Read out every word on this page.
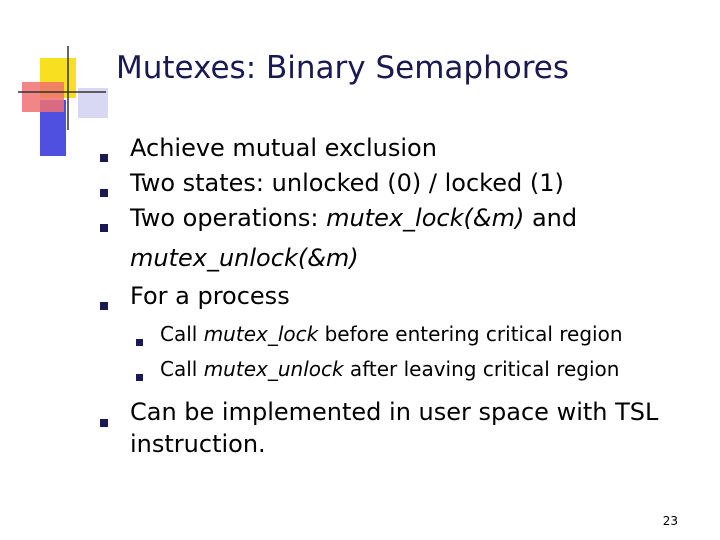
Mutexes: Binary Semaphores
Achieve mutual exclusion
Two states: unlocked (0) / locked (1)
Two operations: mutex_lock(&m) and
mutex_unlock(&m)
For a process
Call mutex_lock before entering critical region
Call mutex_unlock after leaving critical region
Can be implemented in user space with TSL
instruction.
23
